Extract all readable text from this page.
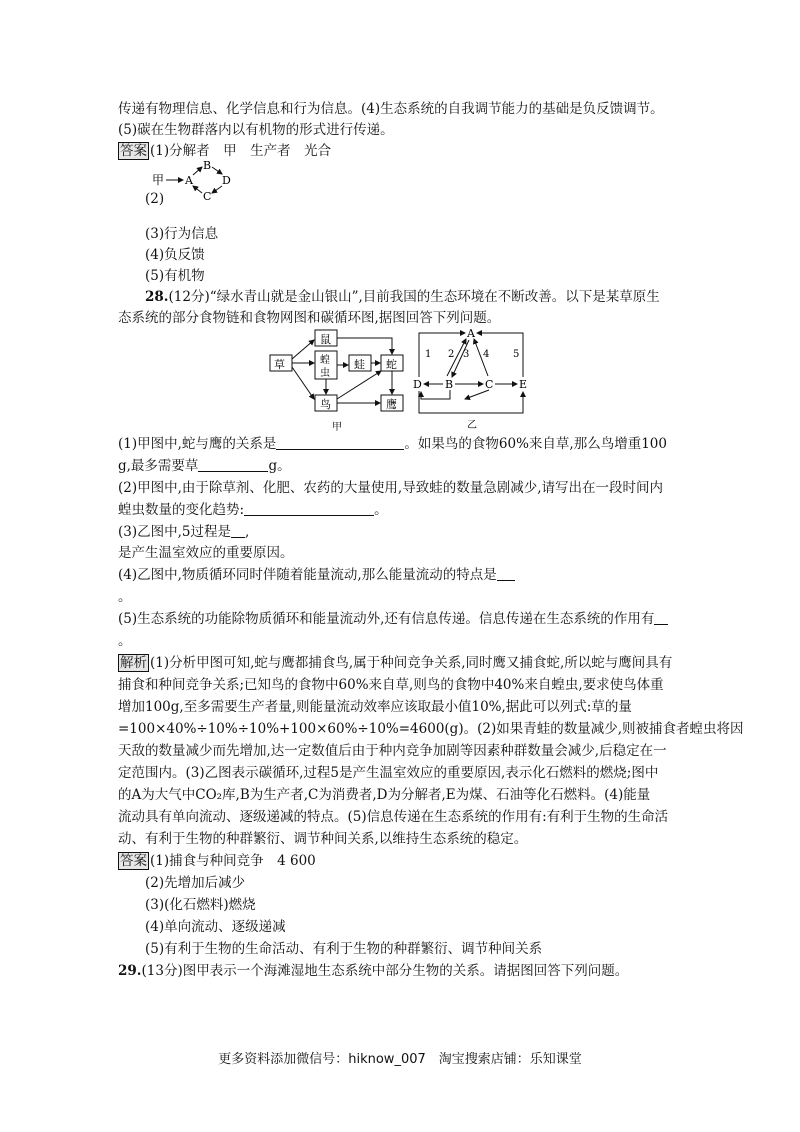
传递有物理信息、化学信息和行为信息。(4)生态系统的自我调节能力的基础是负反馈调节。
(5)碳在生物群落内以有机物的形式进行传递。
答案 (1)分解者　甲　生产者　光合
甲 A
B
D
C
(2)
(3)行为信息
(4)负反馈
(5)有机物
28.(12分)“绿水青山就是金山银山”,目前我国的生态环境在不断改善。以下是某草原生
态系统的部分食物链和食物网图和碳循环图,据图回答下列问题。
草
鼠
蝗
虫
蛙 蛇
鸟	鹰
甲
A
D B	C E
1 2 3 4 5
乙
(1)甲图中,蛇与鹰的关系是	。如果鸟的食物60%来自草,那么鸟增重100
g,最多需要草	g。
(2)甲图中,由于除草剂、化肥、农药的大量使用,导致蛙的数量急剧减少,请写出在一段时间内
蝗虫数量的变化趋势:	。
(3)乙图中,5过程是 ,
是产生温室效应的重要原因。
(4)乙图中,物质循环同时伴随着能量流动,那么能量流动的特点是
。
(5)生态系统的功能除物质循环和能量流动外,还有信息传递。信息传递在生态系统的作用有
。
解析 (1)分析甲图可知,蛇与鹰都捕食鸟,属于种间竞争关系,同时鹰又捕食蛇,所以蛇与鹰间具有
捕食和种间竞争关系;已知鸟的食物中60%来自草,则鸟的食物中40%来自蝗虫,要求使鸟体重
增加100g,至多需要生产者量,则能量流动效率应该取最小值10%,据此可以列式:草的量
=100×40%÷10%÷10%+100×60%÷10%=4600(g)。(2)如果青蛙的数量减少,则被捕食者蝗虫将因
天敌的数量减少而先增加,达一定数值后由于种内竞争加剧等因素种群数量会减少,后稳定在一
定范围内。(3)乙图表示碳循环,过程5是产生温室效应的重要原因,表示化石燃料的燃烧;图中
的A为大气中CO₂库,B为生产者,C为消费者,D为分解者,E为煤、石油等化石燃料。(4)能量
流动具有单向流动、逐级递减的特点。(5)信息传递在生态系统的作用有:有利于生物的生命活
动、有利于生物的种群繁衍、调节种间关系,以维持生态系统的稳定。
答案 (1)捕食与种间竞争　4 600
(2)先增加后减少
(3)(化石燃料)燃烧
(4)单向流动、逐级递减
(5)有利于生物的生命活动、有利于生物的种群繁衍、调节种间关系
29.(13分)图甲表示一个海滩湿地生态系统中部分生物的关系。请据图回答下列问题。
更多资料添加微信号：hiknow_007　淘宝搜索店铺：乐知课堂
